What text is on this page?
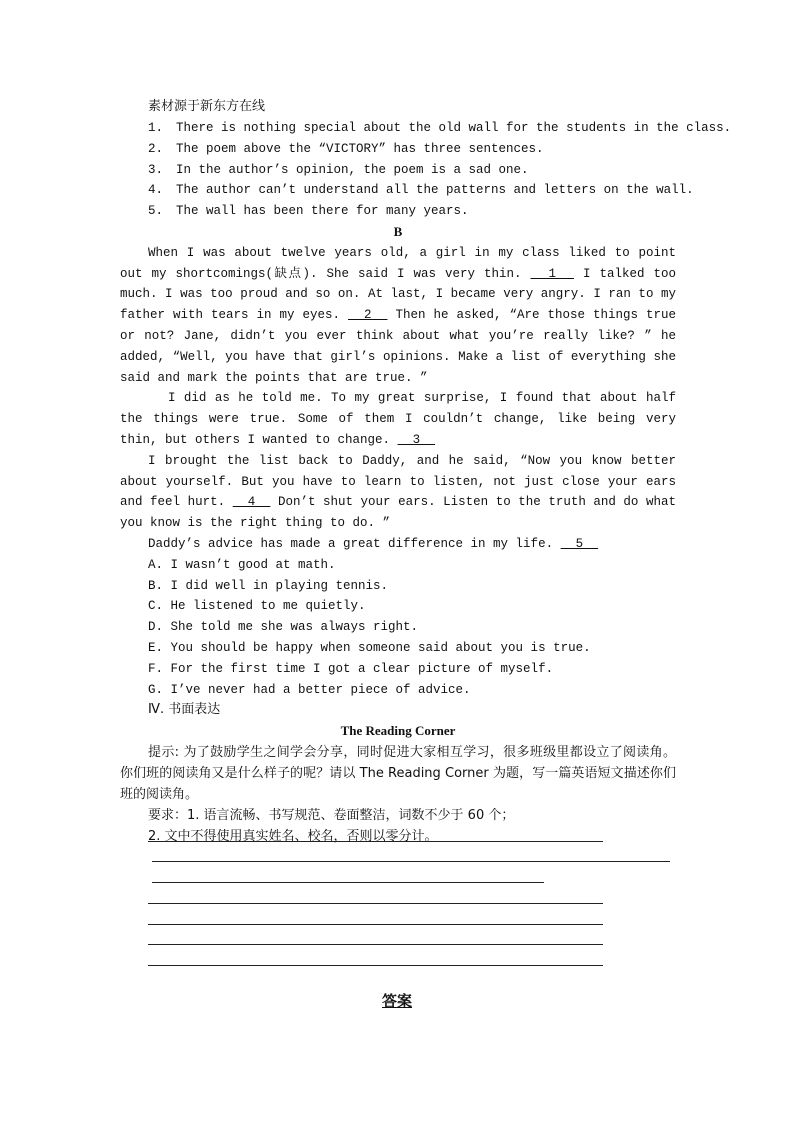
素材源于新东方在线
1. There is nothing special about the old wall for the students in the class.
2. The poem above the “VICTORY” has three sentences.
3. In the author’s opinion, the poem is a sad one.
4. The author can’t understand all the patterns and letters on the wall.
5. The wall has been there for many years.
B
When I was about twelve years old, a girl in my class liked to point out my shortcomings(缺点). She said I was very thin.   1   I talked too much. I was too proud and so on. At last, I became very angry. I ran to my father with tears in my eyes.   2   Then he asked, “Are those things true or not? Jane, didn’t you ever think about what you’re really like? ” he added, “Well, you have that girl’s opinions. Make a list of everything she said and mark the points that are true. ”
I did as he told me. To my great surprise, I found that about half the things were true. Some of them I couldn’t change, like being very thin, but others I wanted to change.   3
I brought the list back to Daddy, and he said, “Now you know better about yourself. But you have to learn to listen, not just close your ears and feel hurt.   4   Don’t shut your ears. Listen to the truth and do what you know is the right thing to do. ”
Daddy’s advice has made a great difference in my life.   5
A. I wasn’t good at math.
B. I did well in playing tennis.
C. He listened to me quietly.
D. She told me she was always right.
E. You should be happy when someone said about you is true.
F. For the first time I got a clear picture of myself.
G. I’ve never had a better piece of advice.
Ⅳ. 书面表达
The Reading Corner
提示: 为了鼓励学生之间学会分享，同时促进大家相互学习，很多班级里都设立了阅读角。你们班的阅读角又是什么样子的呢？请以 The Reading Corner 为题，写一篇英语短文描述你们班的阅读角。
要求：1. 语言流畅、书写规范、卷面整洁，词数不少于 60 个；
2. 文中不得使用真实姓名、校名，否则以零分计。
答案
